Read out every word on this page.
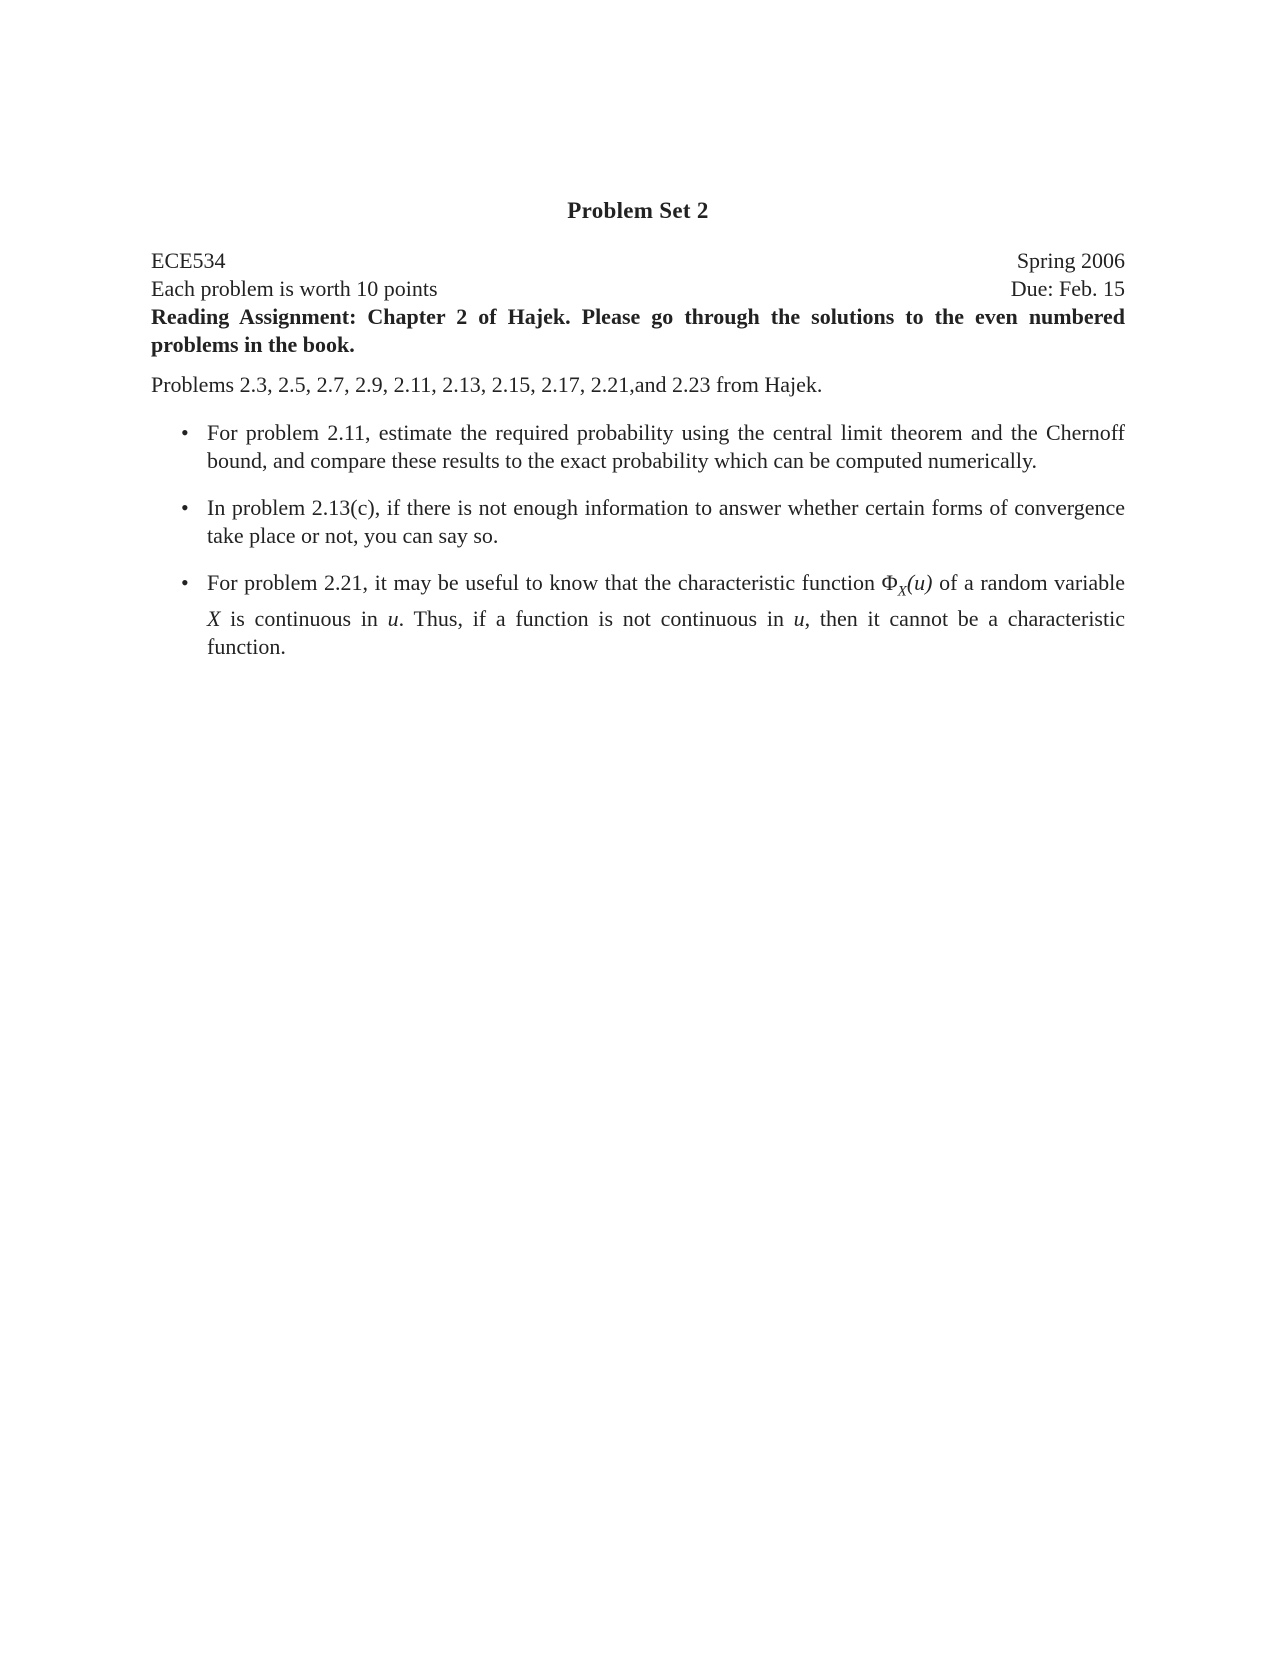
Problem Set 2
ECE534	Spring 2006
Each problem is worth 10 points	Due: Feb. 15

Reading Assignment: Chapter 2 of Hajek. Please go through the solutions to the even numbered problems in the book.

Problems 2.3, 2.5, 2.7, 2.9, 2.11, 2.13, 2.15, 2.17, 2.21,and 2.23 from Hajek.

• For problem 2.11, estimate the required probability using the central limit theorem and the Chernoff bound, and compare these results to the exact probability which can be computed numerically.
• In problem 2.13(c), if there is not enough information to answer whether certain forms of convergence take place or not, you can say so.
• For problem 2.21, it may be useful to know that the characteristic function $\Phi_X(u)$ of a random variable X is continuous in u. Thus, if a function is not continuous in u, then it cannot be a characteristic function.
